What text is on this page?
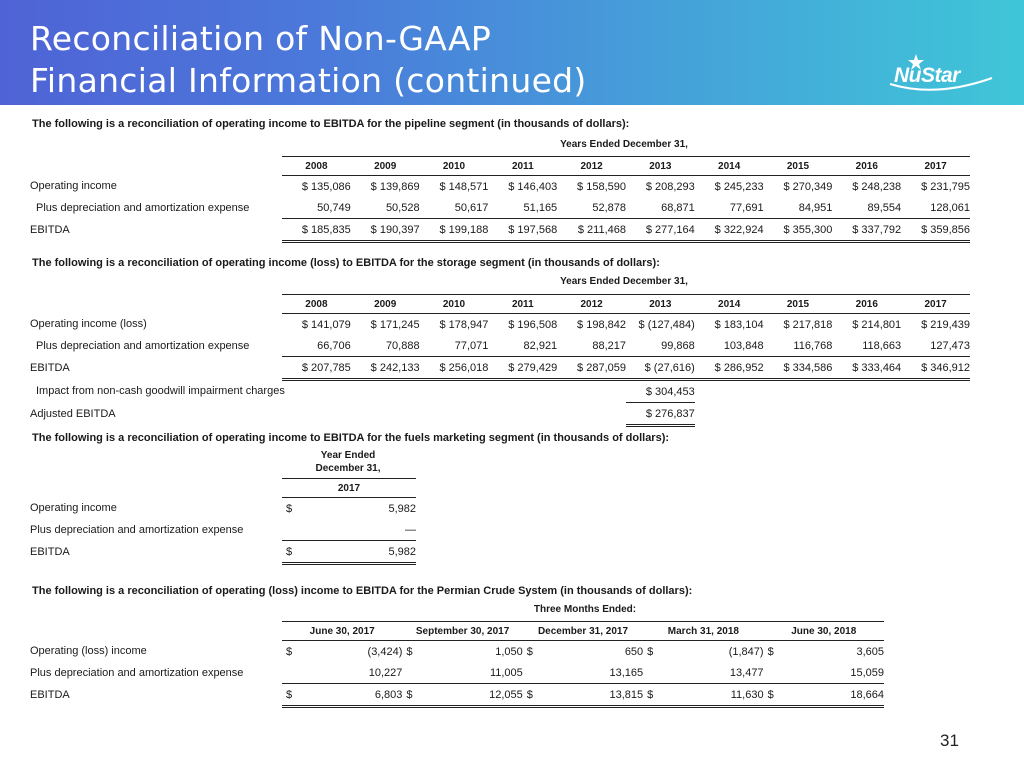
Reconciliation of Non-GAAP
Financial Information (continued)	NuStar
The following is a reconciliation of operating income to EBITDA for the pipeline segment (in thousands of dollars):
Years Ended December 31,
	2008	2009	2010	2011	2012	2013	2014	2015	2016	2017
Operating income	$ 135,086	$ 139,869	$ 148,571	$ 146,403	$ 158,590	$ 208,293	$ 245,233	$ 270,349	$ 248,238	$ 231,795
Plus depreciation and amortization expense	50,749	50,528	50,617	51,165	52,878	68,871	77,691	84,951	89,554	128,061
EBITDA	$ 185,835	$ 190,397	$ 199,188	$ 197,568	$ 211,468	$ 277,164	$ 322,924	$ 355,300	$ 337,792	$ 359,856
The following is a reconciliation of operating income (loss) to EBITDA for the storage segment (in thousands of dollars):
Years Ended December 31,
	2008	2009	2010	2011	2012	2013	2014	2015	2016	2017
Operating income (loss)	$ 141,079	$ 171,245	$ 178,947	$ 196,508	$ 198,842	$ (127,484)	$ 183,104	$ 217,818	$ 214,801	$ 219,439
Plus depreciation and amortization expense	66,706	70,888	77,071	82,921	88,217	99,868	103,848	116,768	118,663	127,473
EBITDA	$ 207,785	$ 242,133	$ 256,018	$ 279,429	$ 287,059	$ (27,616)	$ 286,952	$ 334,586	$ 333,464	$ 346,912
Impact from non-cash goodwill impairment charges						$ 304,453				
Adjusted EBITDA						$ 276,837				
The following is a reconciliation of operating income to EBITDA for the fuels marketing segment (in thousands of dollars):
Year Ended
December 31,
	2017
Operating income	$ 5,982
Plus depreciation and amortization expense	—
EBITDA	$ 5,982
The following is a reconciliation of operating (loss) income to EBITDA for the Permian Crude System (in thousands of dollars):
Three Months Ended:
	June 30, 2017	September 30, 2017	December 31, 2017	March 31, 2018	June 30, 2018
Operating (loss) income	$ (3,424)	$ 1,050	$ 650	$ (1,847)	$ 3,605
Plus depreciation and amortization expense	10,227	11,005	13,165	13,477	15,059
EBITDA	$ 6,803	$ 12,055	$ 13,815	$ 11,630	$ 18,664
31
